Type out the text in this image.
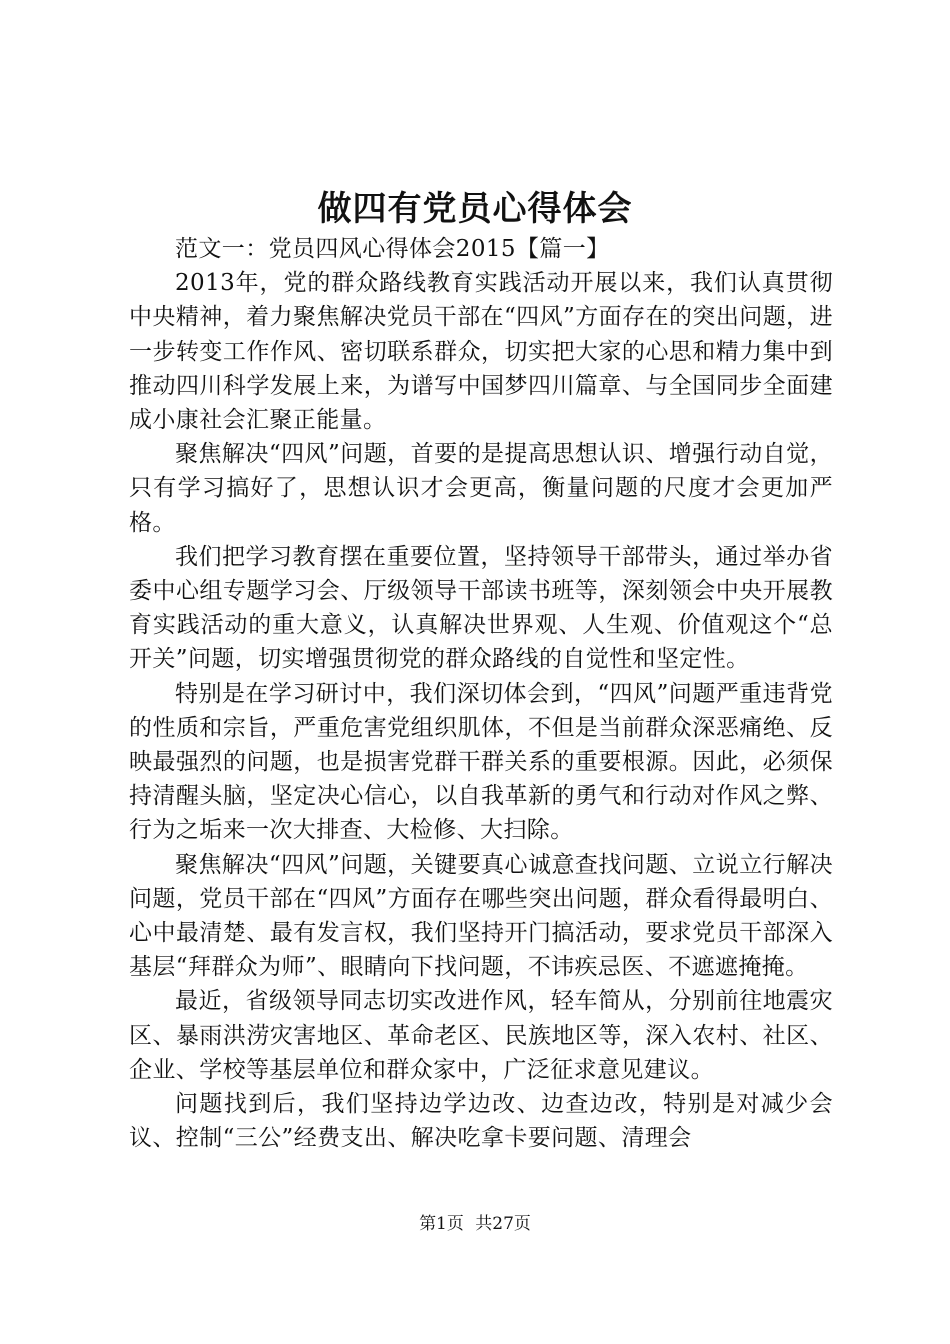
做四有党员心得体会

范文一：党员四风心得体会2015【篇一】

2013年，党的群众路线教育实践活动开展以来，我们认真贯彻中央精神，着力聚焦解决党员干部在“四风”方面存在的突出问题，进一步转变工作作风、密切联系群众，切实把大家的心思和精力集中到推动四川科学发展上来，为谱写中国梦四川篇章、与全国同步全面建成小康社会汇聚正能量。

聚焦解决“四风”问题，首要的是提高思想认识、增强行动自觉，只有学习搞好了，思想认识才会更高，衡量问题的尺度才会更加严格。

我们把学习教育摆在重要位置，坚持领导干部带头，通过举办省委中心组专题学习会、厅级领导干部读书班等，深刻领会中央开展教育实践活动的重大意义，认真解决世界观、人生观、价值观这个“总开关”问题，切实增强贯彻党的群众路线的自觉性和坚定性。

特别是在学习研讨中，我们深切体会到，“四风”问题严重违背党的性质和宗旨，严重危害党组织肌体，不但是当前群众深恶痛绝、反映最强烈的问题，也是损害党群干群关系的重要根源。因此，必须保持清醒头脑，坚定决心信心，以自我革新的勇气和行动对作风之弊、行为之垢来一次大排查、大检修、大扫除。

聚焦解决“四风”问题，关键要真心诚意查找问题、立说立行解决问题，党员干部在“四风”方面存在哪些突出问题，群众看得最明白、心中最清楚、最有发言权，我们坚持开门搞活动，要求党员干部深入基层“拜群众为师”、眼睛向下找问题，不讳疾忌医、不遮遮掩掩。

最近，省级领导同志切实改进作风，轻车简从，分别前往地震灾区、暴雨洪涝灾害地区、革命老区、民族地区等，深入农村、社区、企业、学校等基层单位和群众家中，广泛征求意见建议。

问题找到后，我们坚持边学边改、边查边改，特别是对减少会议、控制“三公”经费支出、解决吃拿卡要问题、清理会

第1页 共27页
